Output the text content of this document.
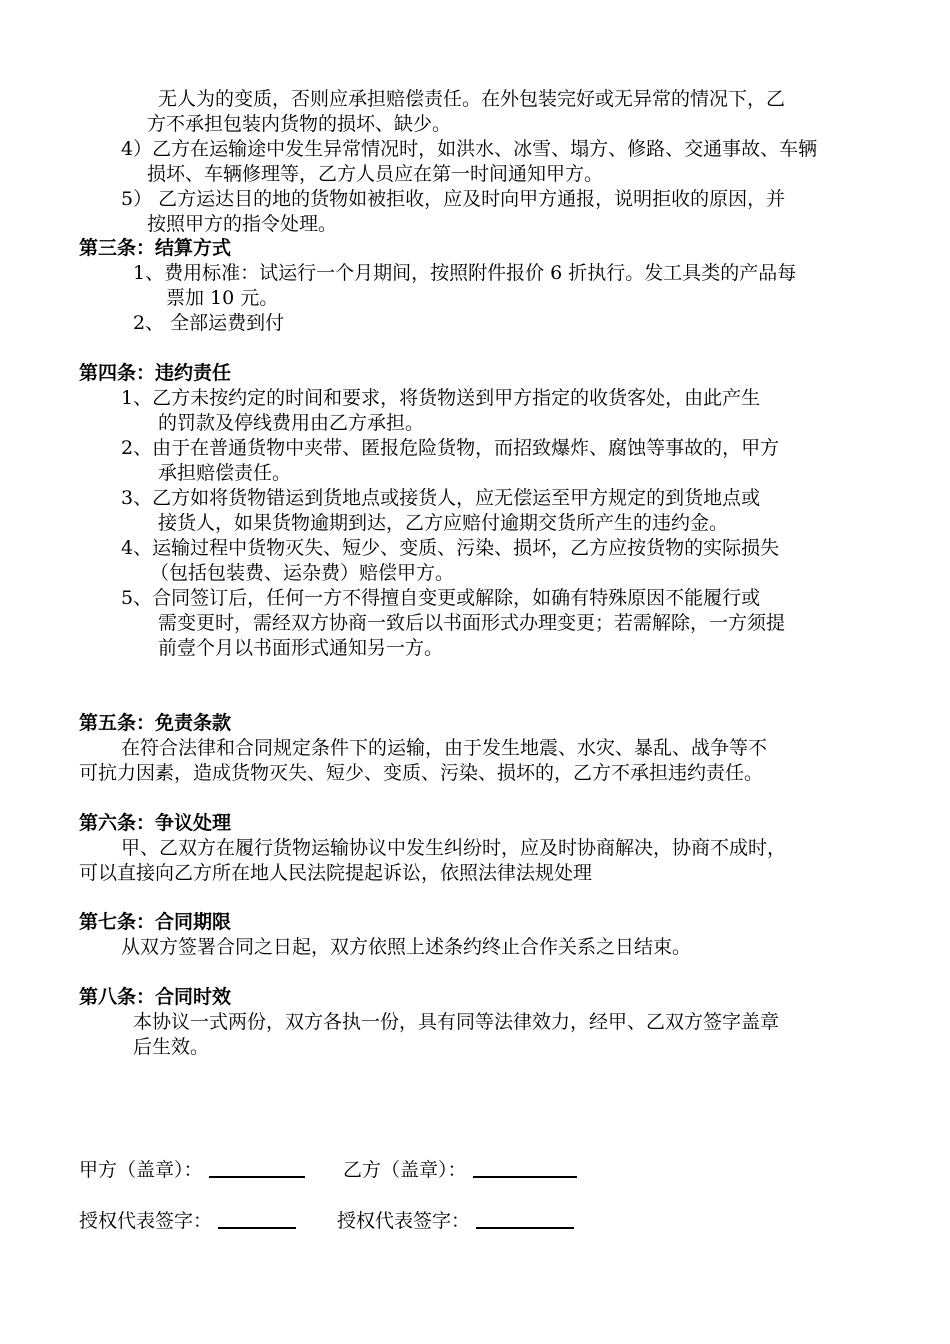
无人为的变质，否则应承担赔偿责任。在外包装完好或无异常的情况下，乙

方不承担包装内货物的损坏、缺少。

4）乙方在运输途中发生异常情况时，如洪水、冰雪、塌方、修路、交通事故、车辆

损坏、车辆修理等，乙方人员应在第一时间通知甲方。

5） 乙方运达目的地的货物如被拒收，应及时向甲方通报，说明拒收的原因，并

按照甲方的指令处理。

第三条：结算方式

1、费用标准：试运行一个月期间，按照附件报价 6 折执行。发工具类的产品每

票加 10 元。

2、 全部运费到付

第四条：违约责任

1、乙方未按约定的时间和要求，将货物送到甲方指定的收货客处，由此产生

的罚款及停线费用由乙方承担。

2、由于在普通货物中夹带、匿报危险货物，而招致爆炸、腐蚀等事故的，甲方

承担赔偿责任。

3、乙方如将货物错运到货地点或接货人，应无偿运至甲方规定的到货地点或

接货人，如果货物逾期到达，乙方应赔付逾期交货所产生的违约金。

4、运输过程中货物灭失、短少、变质、污染、损坏，乙方应按货物的实际损失

（包括包装费、运杂费）赔偿甲方。

5、合同签订后，任何一方不得擅自变更或解除，如确有特殊原因不能履行或

需变更时，需经双方协商一致后以书面形式办理变更；若需解除，一方须提

前壹个月以书面形式通知另一方。

第五条：免责条款

在符合法律和合同规定条件下的运输，由于发生地震、水灾、暴乱、战争等不

可抗力因素，造成货物灭失、短少、变质、污染、损坏的，乙方不承担违约责任。

第六条：争议处理

甲、乙双方在履行货物运输协议中发生纠纷时，应及时协商解决，协商不成时，

可以直接向乙方所在地人民法院提起诉讼，依照法律法规处理

第七条：合同期限

从双方签署合同之日起，双方依照上述条约终止合作关系之日结束。

第八条：合同时效

本协议一式两份，双方各执一份，具有同等法律效力，经甲、乙双方签字盖章

后生效。

甲方（盖章）：	乙方（盖章）：
授权代表签字：	授权代表签字：
